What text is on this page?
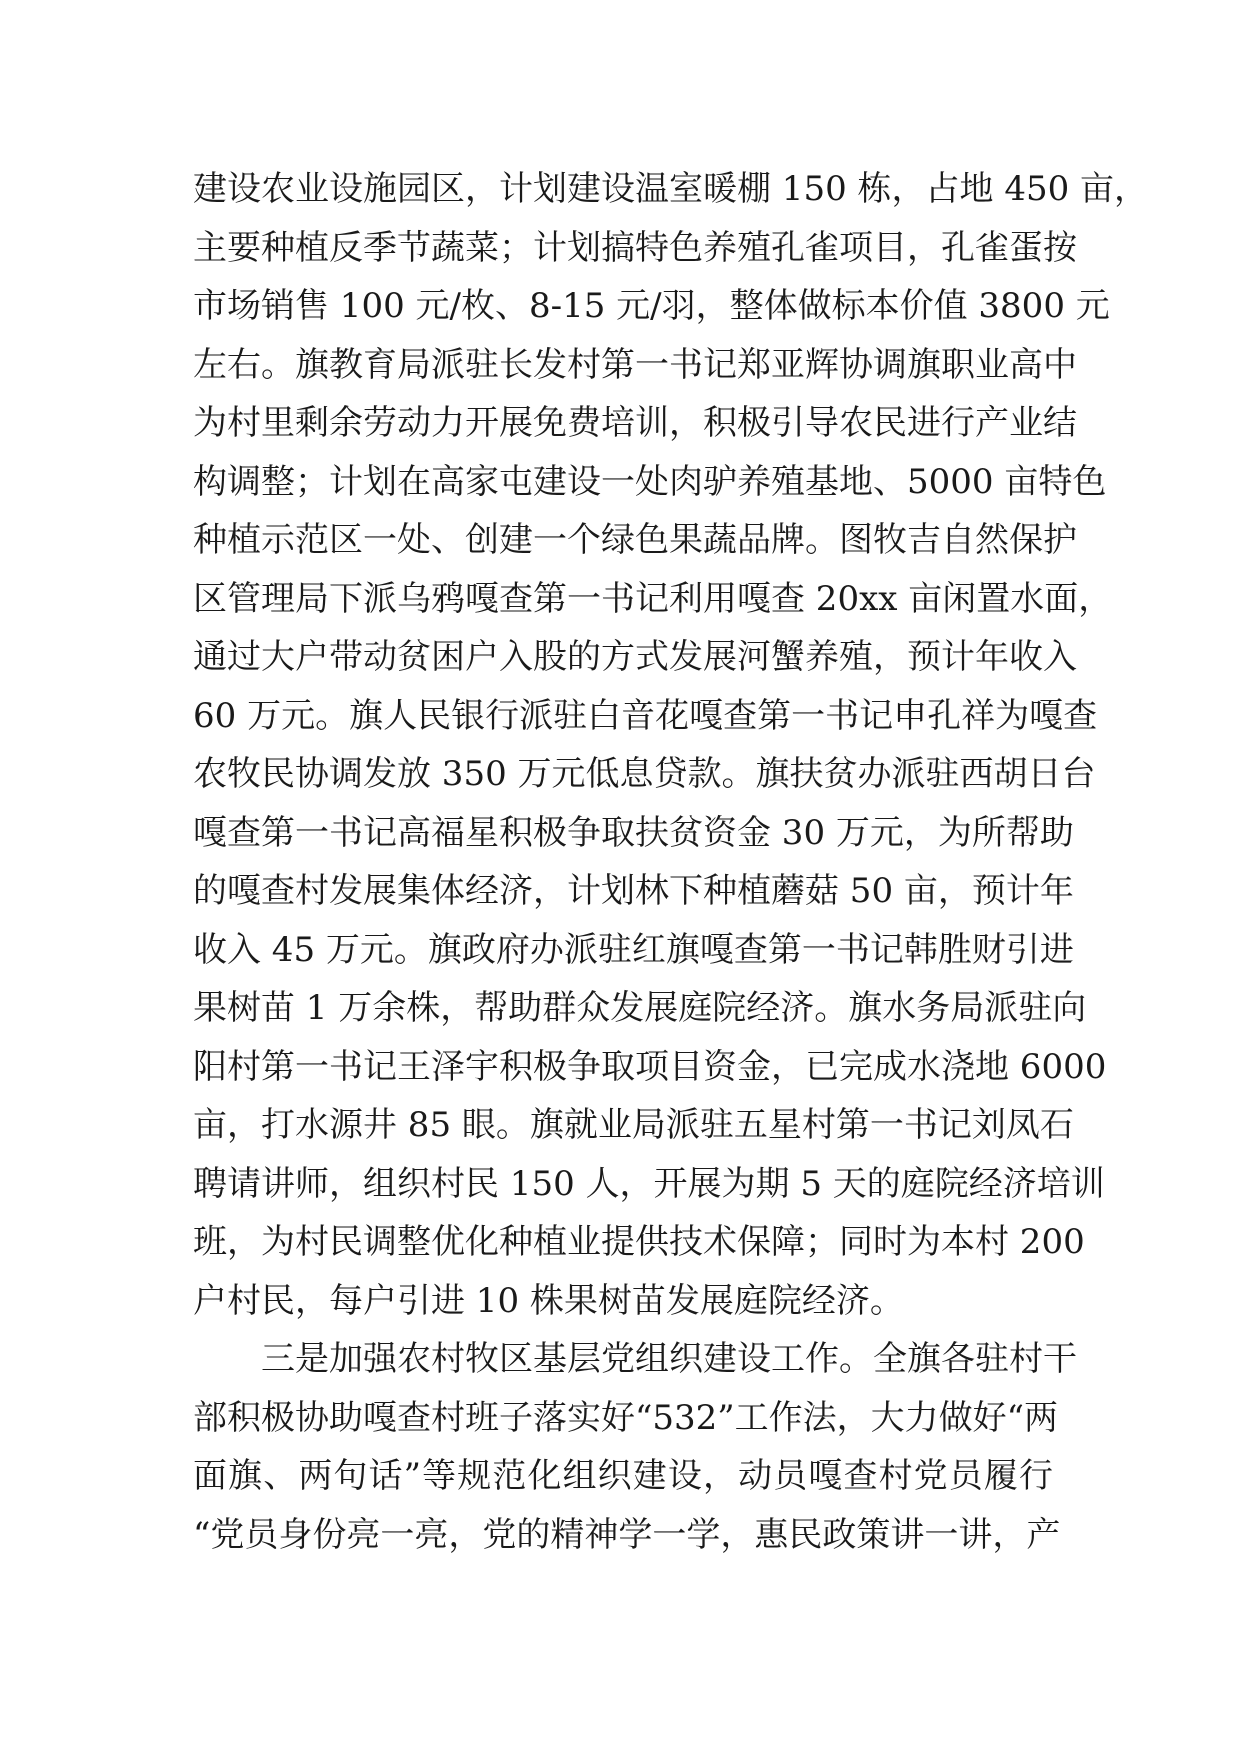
建设农业设施园区，计划建设温室暖棚 150 栋，占地 450 亩，
主要种植反季节蔬菜；计划搞特色养殖孔雀项目，孔雀蛋按
市场销售 100 元/枚、8-15 元/羽，整体做标本价值 3800 元
左右。旗教育局派驻长发村第一书记郑亚辉协调旗职业高中
为村里剩余劳动力开展免费培训，积极引导农民进行产业结
构调整；计划在高家屯建设一处肉驴养殖基地、5000 亩特色
种植示范区一处、创建一个绿色果蔬品牌。图牧吉自然保护
区管理局下派乌鸦嘎查第一书记利用嘎查 20xx 亩闲置水面，
通过大户带动贫困户入股的方式发展河蟹养殖，预计年收入
60 万元。旗人民银行派驻白音花嘎查第一书记申孔祥为嘎查
农牧民协调发放 350 万元低息贷款。旗扶贫办派驻西胡日台
嘎查第一书记高福星积极争取扶贫资金 30 万元，为所帮助
的嘎查村发展集体经济，计划林下种植蘑菇 50 亩，预计年
收入 45 万元。旗政府办派驻红旗嘎查第一书记韩胜财引进
果树苗 1 万余株，帮助群众发展庭院经济。旗水务局派驻向
阳村第一书记王泽宇积极争取项目资金，已完成水浇地 6000
亩，打水源井 85 眼。旗就业局派驻五星村第一书记刘凤石
聘请讲师，组织村民 150 人，开展为期 5 天的庭院经济培训
班，为村民调整优化种植业提供技术保障；同时为本村 200
户村民，每户引进 10 株果树苗发展庭院经济。
三是加强农村牧区基层党组织建设工作。全旗各驻村干
部积极协助嘎查村班子落实好“532”工作法，大力做好“两
面旗、两句话”等规范化组织建设，动员嘎查村党员履行
“党员身份亮一亮，党的精神学一学，惠民政策讲一讲，产
